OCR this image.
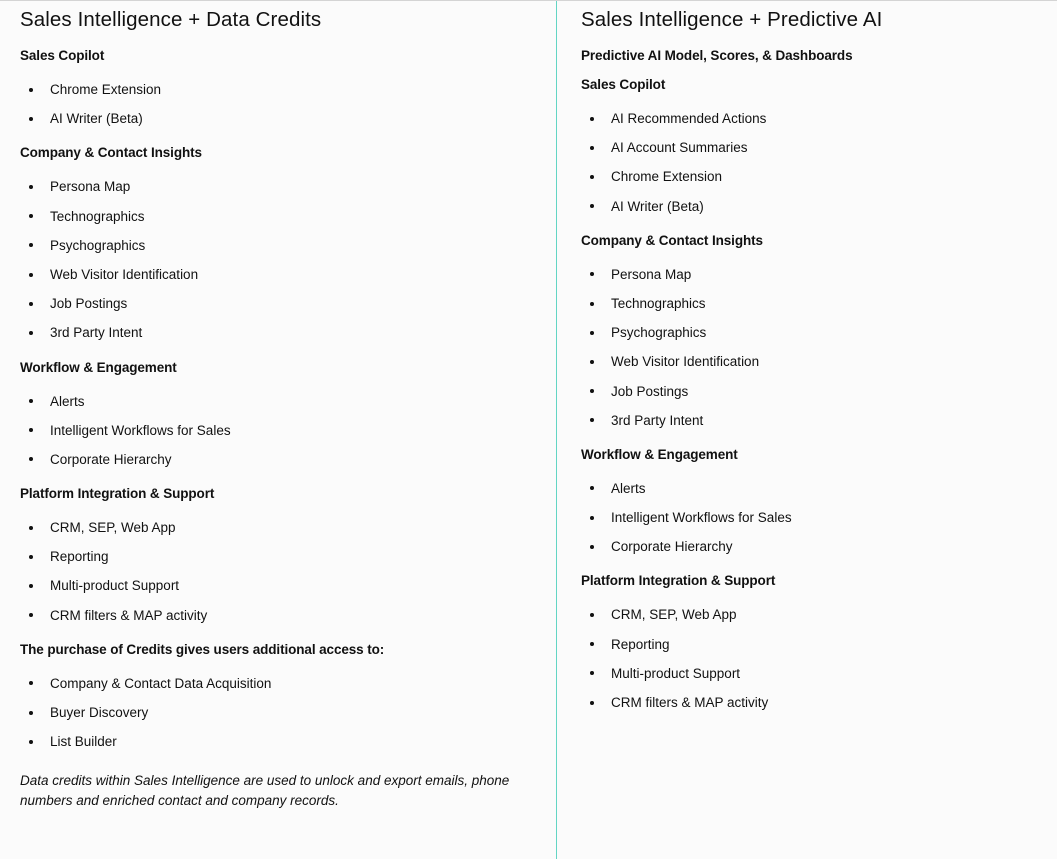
Sales Intelligence + Data Credits

Sales Copilot

Chrome Extension
AI Writer (Beta)

Company & Contact Insights

Persona Map
Technographics
Psychographics
Web Visitor Identification
Job Postings
3rd Party Intent

Workflow & Engagement

Alerts
Intelligent Workflows for Sales
Corporate Hierarchy

Platform Integration & Support

CRM, SEP, Web App
Reporting
Multi-product Support
CRM filters & MAP activity

The purchase of Credits gives users additional access to:

Company & Contact Data Acquisition
Buyer Discovery
List Builder

Data credits within Sales Intelligence are used to unlock and export emails, phone numbers and enriched contact and company records.

Sales Intelligence + Predictive AI

Predictive AI Model, Scores, & Dashboards

Sales Copilot

AI Recommended Actions
AI Account Summaries
Chrome Extension
AI Writer (Beta)

Company & Contact Insights

Persona Map
Technographics
Psychographics
Web Visitor Identification
Job Postings
3rd Party Intent

Workflow & Engagement

Alerts
Intelligent Workflows for Sales
Corporate Hierarchy

Platform Integration & Support

CRM, SEP, Web App
Reporting
Multi-product Support
CRM filters & MAP activity
